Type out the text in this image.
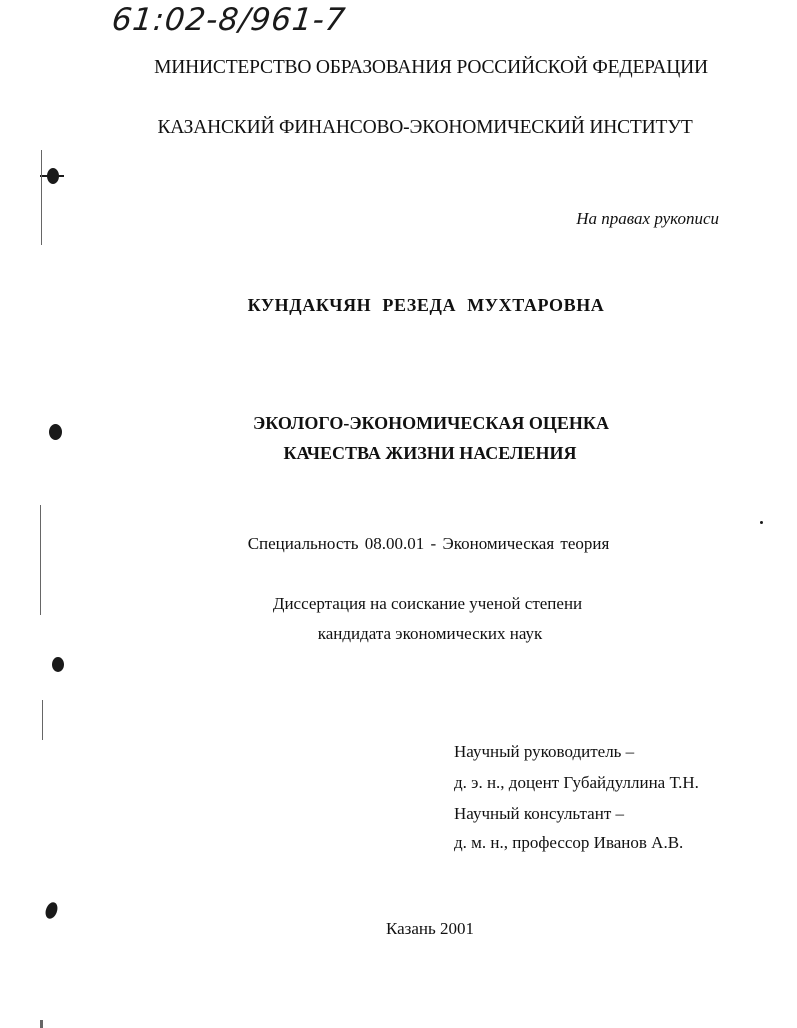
61:02-8/961-7
МИНИСТЕРСТВО ОБРАЗОВАНИЯ РОССИЙСКОЙ ФЕДЕРАЦИИ
КАЗАНСКИЙ ФИНАНСОВО-ЭКОНОМИЧЕСКИЙ ИНСТИТУТ
На правах рукописи
КУНДАКЧЯН РЕЗЕДА МУХТАРОВНА
ЭКОЛОГО-ЭКОНОМИЧЕСКАЯ ОЦЕНКА
КАЧЕСТВА ЖИЗНИ НАСЕЛЕНИЯ
Специальность 08.00.01 - Экономическая теория
Диссертация на соискание ученой степени
кандидата экономических наук
Научный руководитель –
д. э. н., доцент Губайдуллина Т.Н.
Научный консультант –
д. м. н., профессор Иванов А.В.
Казань 2001
